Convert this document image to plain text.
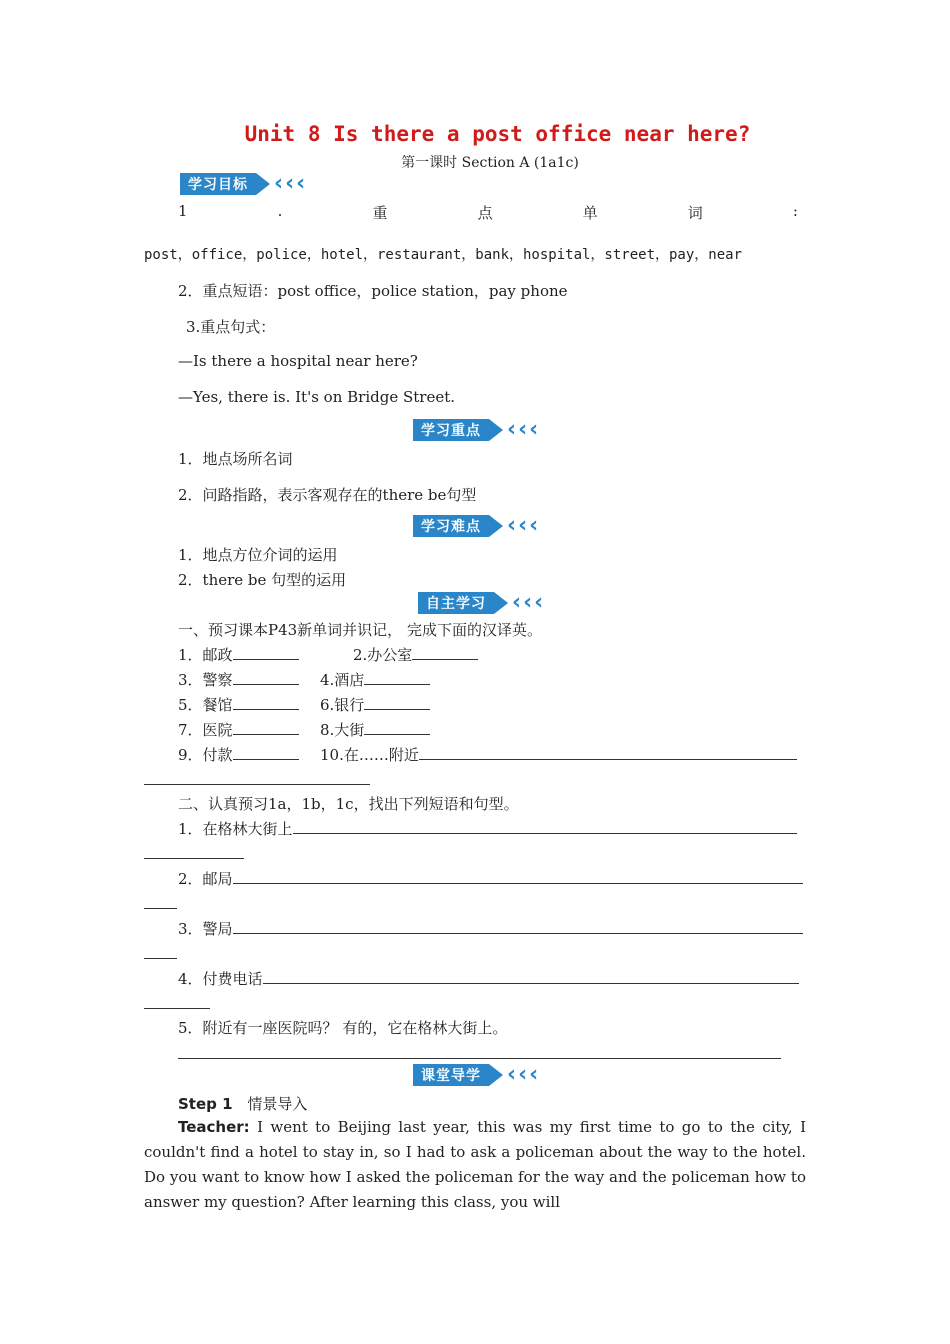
Unit 8 Is there a post office near here?
第一课时 Section A (1a1c)
学习目标	‹ ‹ ‹
1	.	重	点	单	词	:
post，office，police，hotel，restaurant，bank，hospital，street，pay，near
2．重点短语：post office，police station，pay phone
3.重点句式：
—Is there a hospital near here?
—Yes, there is. It's on Bridge Street.
学习重点	‹ ‹ ‹
1．地点场所名词
2．问路指路，表示客观存在的there be句型
学习难点	‹ ‹ ‹
1．地点方位介词的运用
2．there be 句型的运用
自主学习	‹ ‹ ‹
一、预习课本P43新单词并识记， 完成下面的汉译英。
1．邮政	2.办公室
3．警察	4.酒店
5．餐馆	6.银行
7．医院	8.大街
9．付款	10.在……附近
二、认真预习1a，1b，1c，找出下列短语和句型。
1．在格林大街上
2．邮局
3．警局
4．付费电话
5．附近有一座医院吗？ 有的，它在格林大街上。
课堂导学	‹ ‹ ‹
Step 1 情景导入
Teacher: I went to Beijing last year, this was my first time to go to the city, I couldn't find a hotel to stay in, so I had to ask a policeman about the way to the hotel. Do you want to know how I asked the policeman for the way and the policeman how to answer my question? After learning this class, you will
